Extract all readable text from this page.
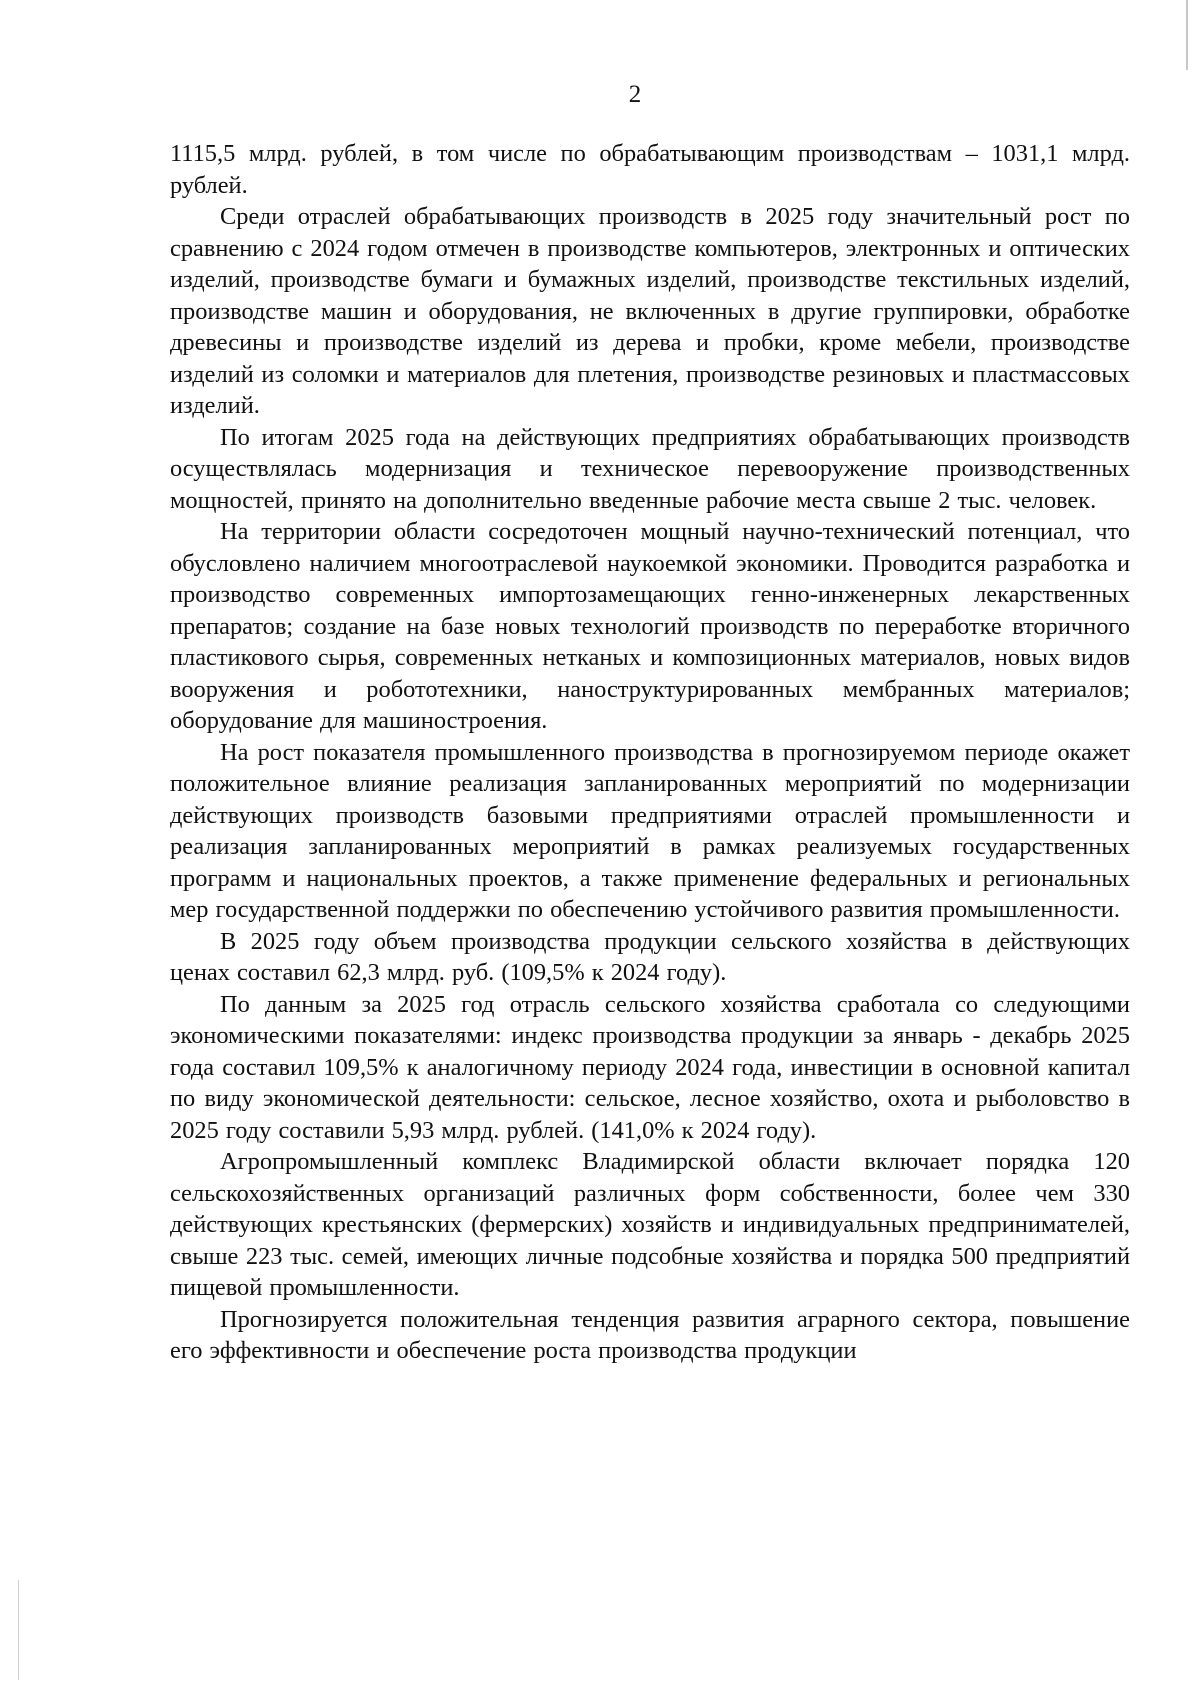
2

1115,5 млрд. рублей, в том числе по обрабатывающим производствам – 1031,1 млрд. рублей.

Среди отраслей обрабатывающих производств в 2025 году значительный рост по сравнению с 2024 годом отмечен в производстве компьютеров, электронных и оптических изделий, производстве бумаги и бумажных изделий, производстве текстильных изделий, производстве машин и оборудования, не включенных в другие группировки, обработке древесины и производстве изделий из дерева и пробки, кроме мебели, производстве изделий из соломки и материалов для плетения, производстве резиновых и пластмассовых изделий.

По итогам 2025 года на действующих предприятиях обрабатывающих производств осуществлялась модернизация и техническое перевооружение производственных мощностей, принято на дополнительно введенные рабочие места свыше 2 тыс. человек.

На территории области сосредоточен мощный научно-технический потенциал, что обусловлено наличием многоотраслевой наукоемкой экономики. Проводится разработка и производство современных импортозамещающих генно-инженерных лекарственных препаратов; создание на базе новых технологий производств по переработке вторичного пластикового сырья, современных нетканых и композиционных материалов, новых видов вооружения и робототехники, наноструктурированных мембранных материалов; оборудование для машиностроения.

На рост показателя промышленного производства в прогнозируемом периоде окажет положительное влияние реализация запланированных мероприятий по модернизации действующих производств базовыми предприятиями отраслей промышленности и реализация запланированных мероприятий в рамках реализуемых государственных программ и национальных проектов, а также применение федеральных и региональных мер государственной поддержки по обеспечению устойчивого развития промышленности.

В 2025 году объем производства продукции сельского хозяйства в действующих ценах составил 62,3 млрд. руб. (109,5% к 2024 году).

По данным за 2025 год отрасль сельского хозяйства сработала со следующими экономическими показателями: индекс производства продукции за январь - декабрь 2025 года составил 109,5% к аналогичному периоду 2024 года, инвестиции в основной капитал по виду экономической деятельности: сельское, лесное хозяйство, охота и рыболовство в 2025 году составили 5,93 млрд. рублей. (141,0% к 2024 году).

Агропромышленный комплекс Владимирской области включает порядка 120 сельскохозяйственных организаций различных форм собственности, более чем 330 действующих крестьянских (фермерских) хозяйств и индивидуальных предпринимателей, свыше 223 тыс. семей, имеющих личные подсобные хозяйства и порядка 500 предприятий пищевой промышленности.

Прогнозируется положительная тенденция развития аграрного сектора, повышение его эффективности и обеспечение роста производства продукции
